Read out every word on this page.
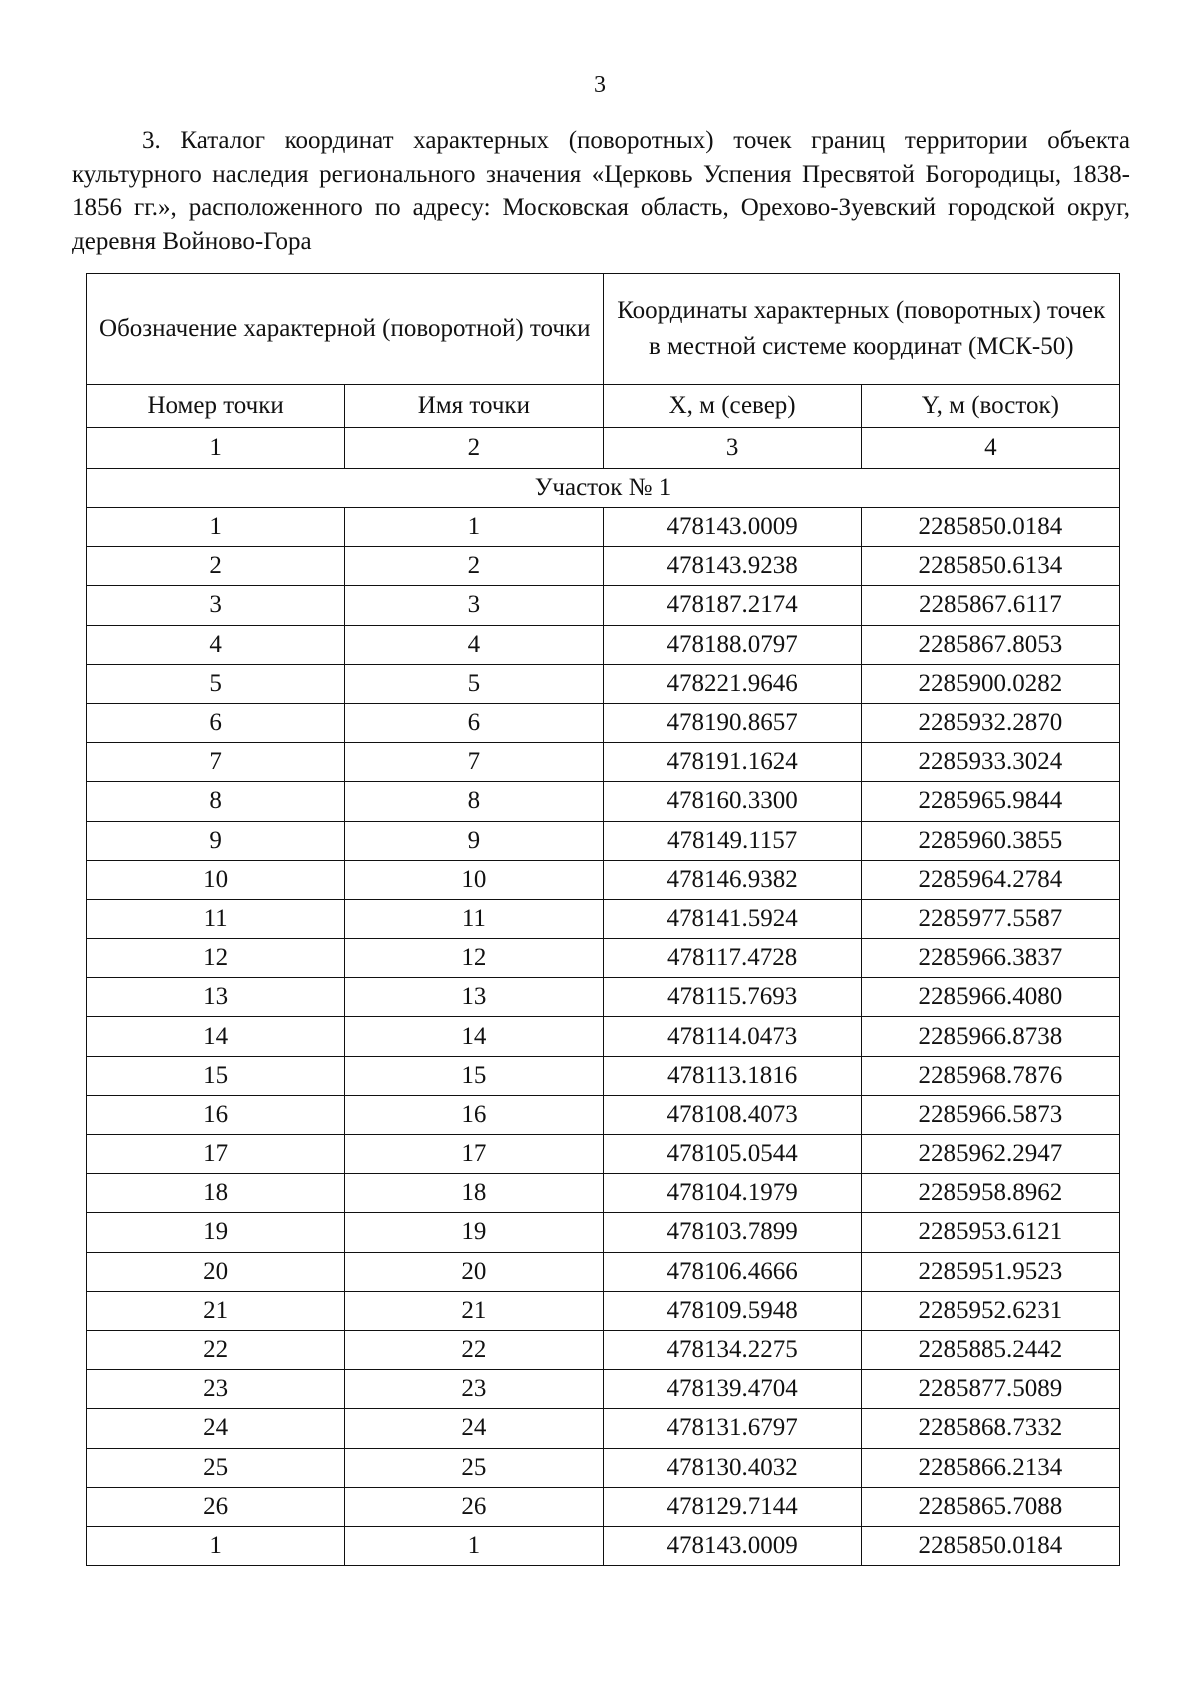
3

3. Каталог координат характерных (поворотных) точек границ территории объекта культурного наследия регионального значения «Церковь Успения Пресвятой Богородицы, 1838-1856 гг.», расположенного по адресу: Московская область, Орехово-Зуевский городской округ, деревня Войново-Гора

Обозначение характерной (поворотной) точки		Координаты характерных (поворотных) точек в местной системе координат (МСК-50)	
Номер точки	Имя точки	X, м (север)	Y, м (восток)
1	2	3	4
Участок № 1			
1	1	478143.0009	2285850.0184
2	2	478143.9238	2285850.6134
3	3	478187.2174	2285867.6117
4	4	478188.0797	2285867.8053
5	5	478221.9646	2285900.0282
6	6	478190.8657	2285932.2870
7	7	478191.1624	2285933.3024
8	8	478160.3300	2285965.9844
9	9	478149.1157	2285960.3855
10	10	478146.9382	2285964.2784
11	11	478141.5924	2285977.5587
12	12	478117.4728	2285966.3837
13	13	478115.7693	2285966.4080
14	14	478114.0473	2285966.8738
15	15	478113.1816	2285968.7876
16	16	478108.4073	2285966.5873
17	17	478105.0544	2285962.2947
18	18	478104.1979	2285958.8962
19	19	478103.7899	2285953.6121
20	20	478106.4666	2285951.9523
21	21	478109.5948	2285952.6231
22	22	478134.2275	2285885.2442
23	23	478139.4704	2285877.5089
24	24	478131.6797	2285868.7332
25	25	478130.4032	2285866.2134
26	26	478129.7144	2285865.7088
1	1	478143.0009	2285850.0184
